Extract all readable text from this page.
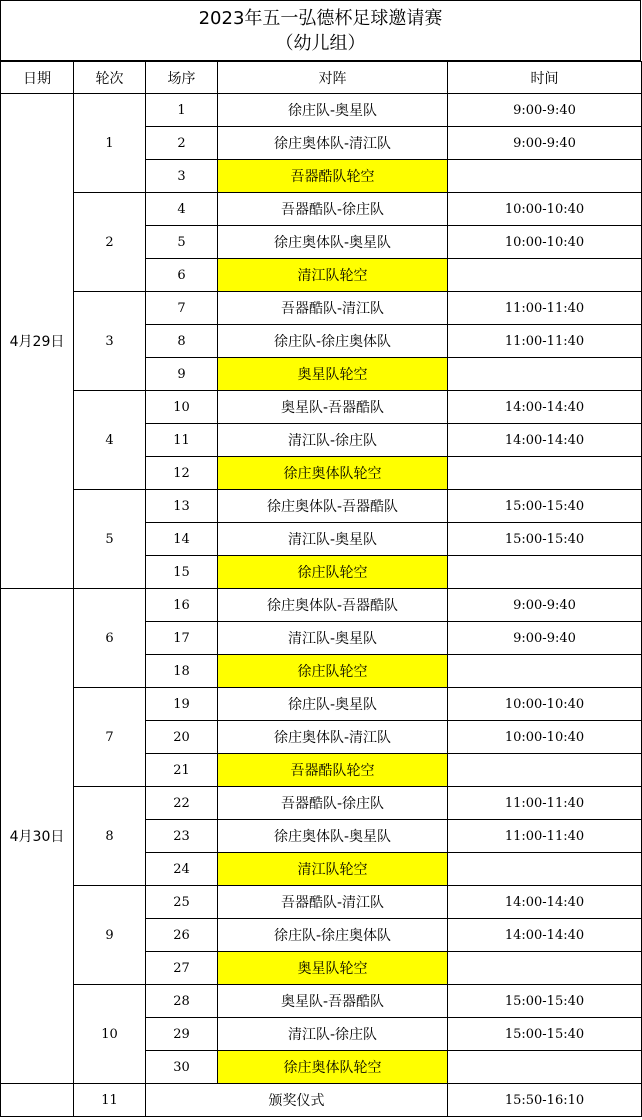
2023年五一弘德杯足球邀请赛
（幼儿组）
日期	轮次	场序	对阵	时间
4月29日	1	1	徐庄队-奥星队	9:00-9:40
		2	徐庄奥体队-清江队	9:00-9:40
		3	吾器酷队轮空	
	2	4	吾器酷队-徐庄队	10:00-10:40
		5	徐庄奥体队-奥星队	10:00-10:40
		6	清江队轮空	
	3	7	吾器酷队-清江队	11:00-11:40
		8	徐庄队-徐庄奥体队	11:00-11:40
		9	奥星队轮空	
	4	10	奥星队-吾器酷队	14:00-14:40
		11	清江队-徐庄队	14:00-14:40
		12	徐庄奥体队轮空	
	5	13	徐庄奥体队-吾器酷队	15:00-15:40
		14	清江队-奥星队	15:00-15:40
		15	徐庄队轮空	
4月30日	6	16	徐庄奥体队-吾器酷队	9:00-9:40
		17	清江队-奥星队	9:00-9:40
		18	徐庄队轮空	
	7	19	徐庄队-奥星队	10:00-10:40
		20	徐庄奥体队-清江队	10:00-10:40
		21	吾器酷队轮空	
	8	22	吾器酷队-徐庄队	11:00-11:40
		23	徐庄奥体队-奥星队	11:00-11:40
		24	清江队轮空	
	9	25	吾器酷队-清江队	14:00-14:40
		26	徐庄队-徐庄奥体队	14:00-14:40
		27	奥星队轮空	
	10	28	奥星队-吾器酷队	15:00-15:40
		29	清江队-徐庄队	15:00-15:40
		30	徐庄奥体队轮空	
	11	颁奖仪式		15:50-16:10
